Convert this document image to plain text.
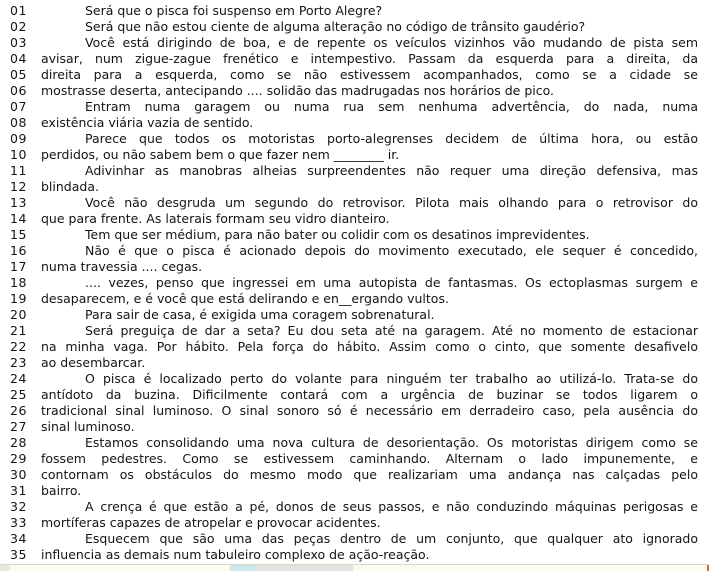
01	Será que o pisca foi suspenso em Porto Alegre?
02	Será que não estou ciente de alguma alteração no código de trânsito gaudério?
03	Você está dirigindo de boa, e de repente os veículos vizinhos vão mudando de pista sem
04	avisar, num zigue-zague frenético e intempestivo. Passam da esquerda para a direita, da
05	direita para a esquerda, como se não estivessem acompanhados, como se a cidade se
06	mostrasse deserta, antecipando .... solidão das madrugadas nos horários de pico.
07	Entram numa garagem ou numa rua sem nenhuma advertência, do nada, numa
08	existência viária vazia de sentido.
09	Parece que todos os motoristas porto-alegrenses decidem de última hora, ou estão
10	perdidos, ou não sabem bem o que fazer nem ________ ir.
11	Adivinhar as manobras alheias surpreendentes não requer uma direção defensiva, mas
12	blindada.
13	Você não desgruda um segundo do retrovisor. Pilota mais olhando para o retrovisor do
14	que para frente. As laterais formam seu vidro dianteiro.
15	Tem que ser médium, para não bater ou colidir com os desatinos imprevidentes.
16	Não é que o pisca é acionado depois do movimento executado, ele sequer é concedido,
17	numa travessia .... cegas.
18	.... vezes, penso que ingressei em uma autopista de fantasmas. Os ectoplasmas surgem e
19	desaparecem, e é você que está delirando e en__ergando vultos.
20	Para sair de casa, é exigida uma coragem sobrenatural.
21	Será preguiça de dar a seta? Eu dou seta até na garagem. Até no momento de estacionar
22	na minha vaga. Por hábito. Pela força do hábito. Assim como o cinto, que somente desafivelo
23	ao desembarcar.
24	O pisca é localizado perto do volante para ninguém ter trabalho ao utilizá-lo. Trata-se do
25	antídoto da buzina. Dificilmente contará com a urgência de buzinar se todos ligarem o
26	tradicional sinal luminoso. O sinal sonoro só é necessário em derradeiro caso, pela ausência do
27	sinal luminoso.
28	Estamos consolidando uma nova cultura de desorientação. Os motoristas dirigem como se
29	fossem pedestres. Como se estivessem caminhando. Alternam o lado impunemente, e
30	contornam os obstáculos do mesmo modo que realizariam uma andança nas calçadas pelo
31	bairro.
32	A crença é que estão a pé, donos de seus passos, e não conduzindo máquinas perigosas e
33	mortíferas capazes de atropelar e provocar acidentes.
34	Esquecem que são uma das peças dentro de um conjunto, que qualquer ato ignorado
35	influencia as demais num tabuleiro complexo de ação-reação.
